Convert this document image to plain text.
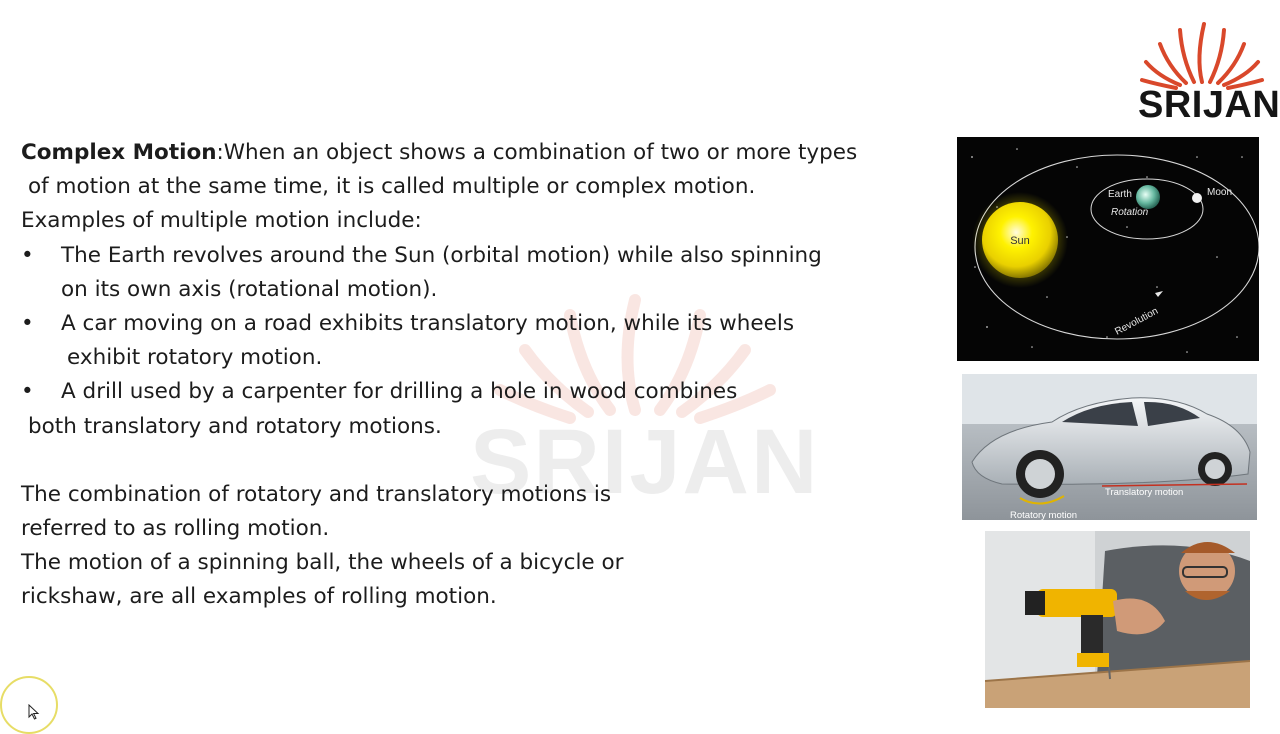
SRIJAN
SRIJAN

Complex Motion:When an object shows a combination of two or more types

of motion at the same time, it is called multiple or complex motion.

Examples of multiple motion include:

• The Earth revolves around the Sun (orbital motion) while also spinning

on its own axis (rotational motion).

• A car moving on a road exhibits translatory motion, while its wheels

exhibit rotatory motion.

• A drill used by a carpenter for drilling a hole in wood combines

both translatory and rotatory motions.

The combination of rotatory and translatory motions is

referred to as rolling motion.

The motion of a spinning ball, the wheels of a bicycle or

rickshaw, are all examples of rolling motion.

Sun
Earth
Rotation
Moon
Revolution
Translatory motion
Rotatory motion
